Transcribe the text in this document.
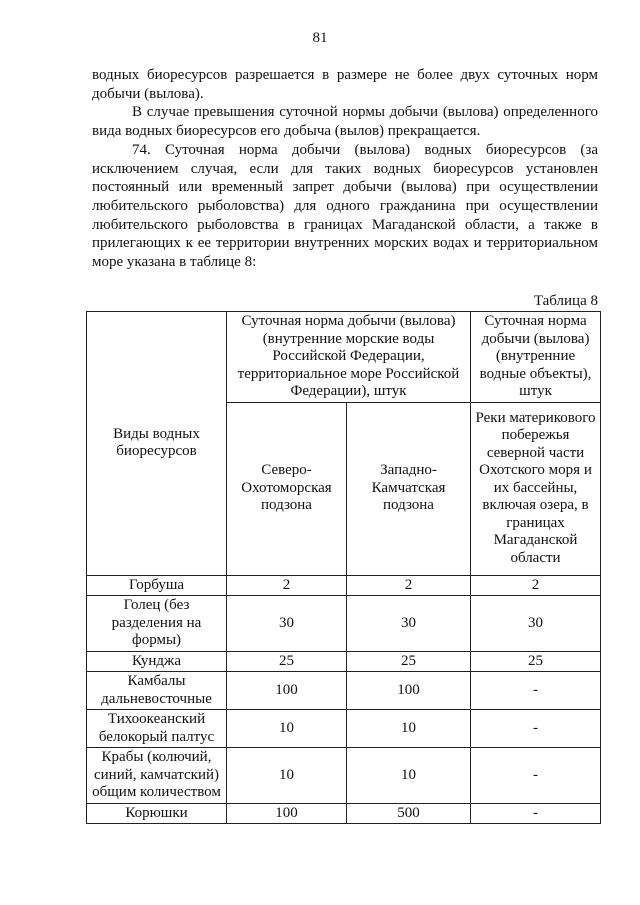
81

водных биоресурсов разрешается в размере не более двух суточных норм добычи (вылова).

В случае превышения суточной нормы добычи (вылова) определенного вида водных биоресурсов его добыча (вылов) прекращается.

74. Суточная норма добычи (вылова) водных биоресурсов (за исключением случая, если для таких водных биоресурсов установлен постоянный или временный запрет добычи (вылова) при осуществлении любительского рыболовства) для одного гражданина при осуществлении любительского рыболовства в границах Магаданской области, а также в прилегающих к ее территории внутренних морских водах и территориальном море указана в таблице 8:

Таблица 8
Виды водных биоресурсов	Суточная норма добычи (вылова) (внутренние морские воды Российской Федерации, территориальное море Российской Федерации), штук		Суточная норма добычи (вылова) (внутренние водные объекты), штук
	Северо-Охотоморская подзона	Западно-Камчатская подзона	Реки материкового побережья северной части Охотского моря и их бассейны, включая озера, в границах Магаданской области
Горбуша	2	2	2
Голец (без разделения на формы)	30	30	30
Кунджа	25	25	25
Камбалы дальневосточные	100	100	-
Тихоокеанский белокорый палтус	10	10	-
Крабы (колючий, синий, камчатский) общим количеством	10	10	-
Корюшки	100	500	-
